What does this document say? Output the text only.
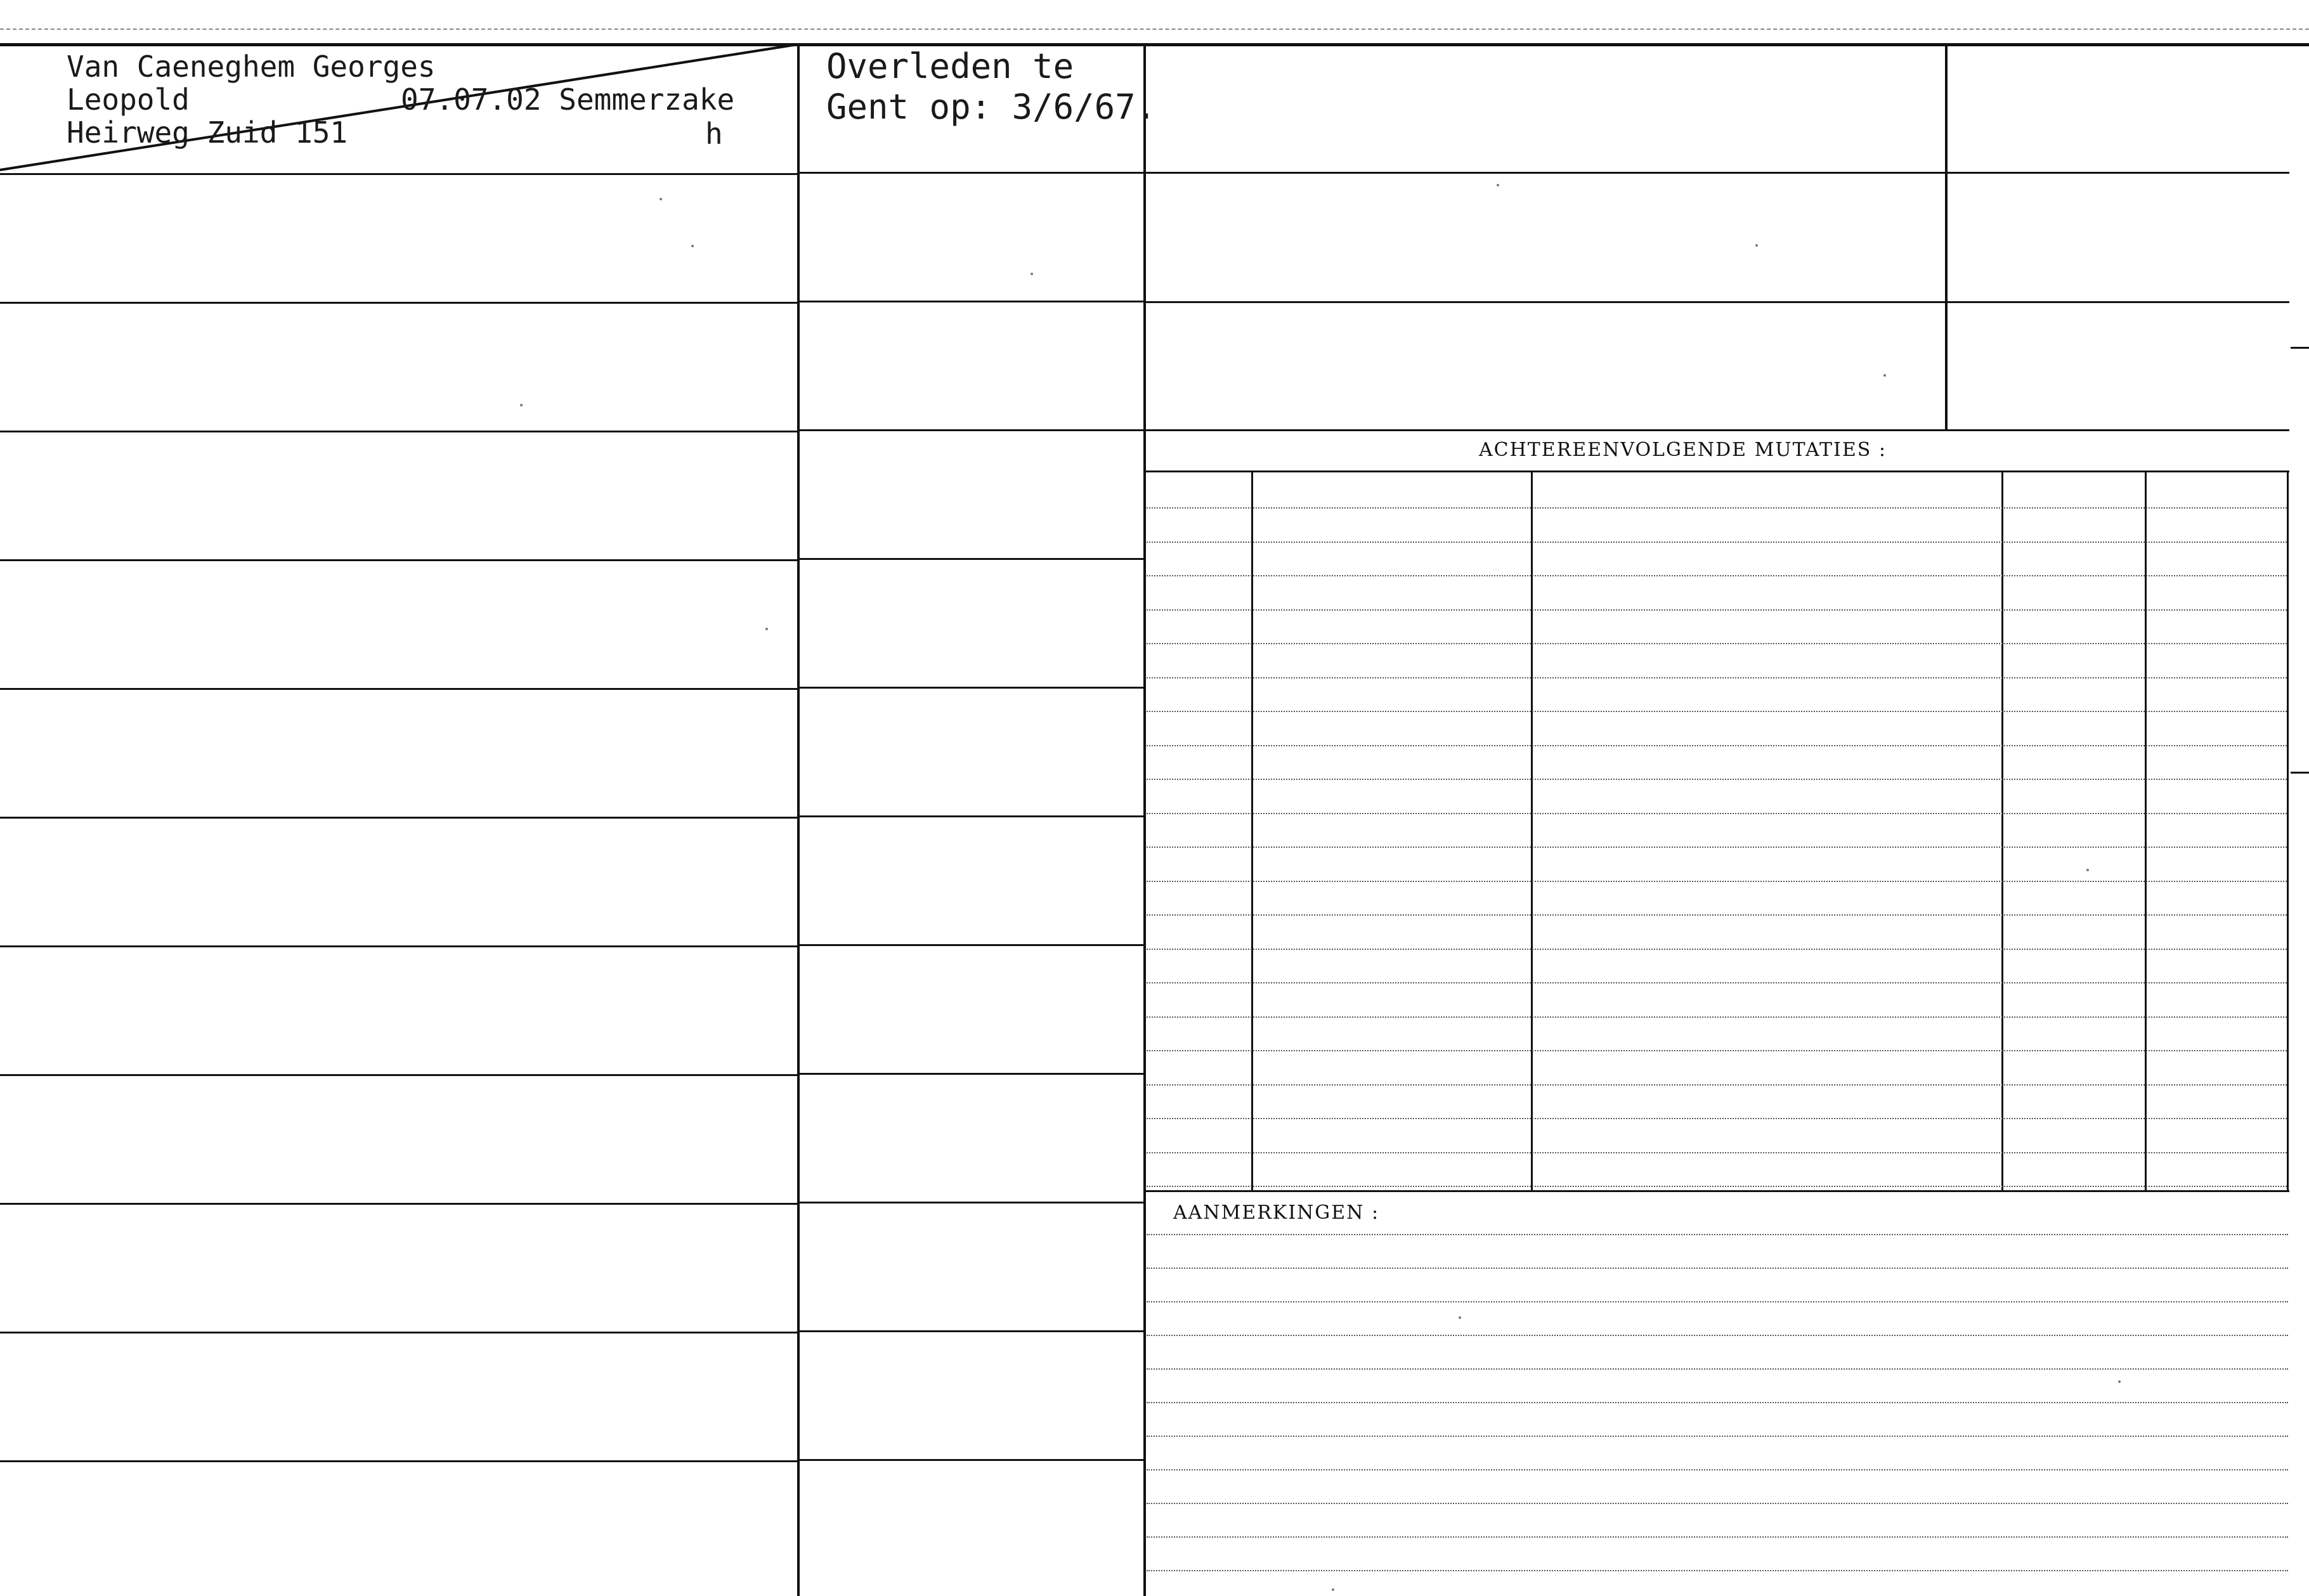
Van Caeneghem Georges
Leopold	07.07.02 Semmerzake
Heirweg Zuid 151	h
Overleden te
Gent op: 3/6/67.
ACHTEREENVOLGENDE MUTATIES :
AANMERKINGEN :
